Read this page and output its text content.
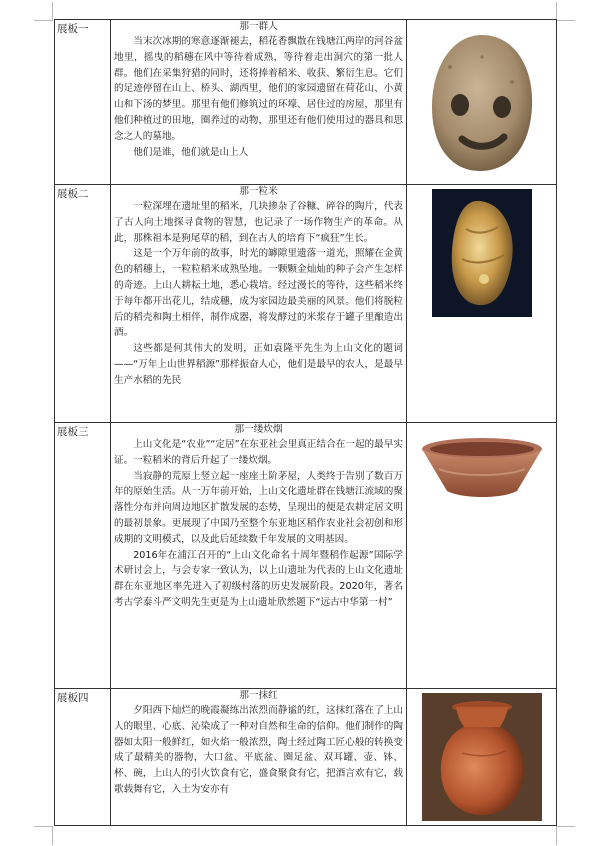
展板一	那一群人

当末次冰期的寒意逐渐褪去，稻花香飘散在钱塘江两岸的河谷盆地里，摇曳的稻穗在风中等待着成熟，等待着走出洞穴的第一批人群。他们在采集狩猎的同时，还将捧着稻米、收获、繁衍生息。它们的足迹停留在山上、桥头、湖西里，他们的家园遗留在荷花山、小黄山和下汤的梦里。那里有他们修筑过的环壕、居住过的房屋，那里有他们种植过的田地，圈养过的动物，那里还有他们使用过的器具和思念之人的墓地。

他们是谁，他们就是山上人

展板二	那一粒米

一粒深埋在遗址里的稻米，几块掺杂了谷糠、碎谷的陶片，代表了古人向土地探寻食物的智慧，也记录了一场作物生产的革命。从此，那株祖本是狗尾草的稻，到在古人的培育下“疯狂”生长。

这是一个万年前的故事，时光的罅隙里遗落一道光，照耀在金黄色的稻穗上，一粒粒稻米成熟坠地。一颗颗金灿灿的种子会产生怎样的奇迹。上山人耕耘土地，悉心栽培。经过漫长的等待，这些稻米终于每年都开出花儿，结成穗，成为家园边最美丽的风景。他们将脱粒后的稻壳和陶土相伴，制作成器，将发酵过的米浆存于罐子里酿造出酒。

这些都是何其伟大的发明，正如袁隆平先生为上山文化的题词——“万年上山世界稻源”那样振奋人心，他们是最早的农人，是最早生产水稻的先民

展板三	那一缕炊烟

上山文化是“农业”“定居”在东亚社会里真正结合在一起的最早实证。一粒稻米的背后升起了一缕炊烟。

当寂静的荒原上竖立起一座座土阶茅屋，人类终于告别了数百万年的原始生活。从一万年前开始，上山文化遗址群在钱塘江流域的聚落性分布并向周边地区扩散发展的态势，呈现出的便是农耕定居文明的最初景象。更展现了中国乃至整个东亚地区稻作农业社会初创和形成期的文明模式，以及此后延续数千年发展的文明基因。

2016年在浦江召开的“上山文化命名十周年暨稻作起源”国际学术研讨会上，与会专家一致认为，以上山遗址为代表的上山文化遗址群在东亚地区率先进入了初级村落的历史发展阶段。2020年，著名考古学泰斗严文明先生更是为上山遗址欣然题下“远古中华第一村”

展板四	那一抹红

夕阳西下灿烂的晚霞凝练出浓烈而静谧的红，这抹红落在了上山人的眼里、心底、沁染成了一种对自然和生命的信仰。他们制作的陶器如太阳一般鲜红，如火焰一般浓烈，陶土经过陶工匠心般的转换变成了最精美的器物，大口盆、平底盆、圈足盆、双耳罐、壶、钵、杯、碗，上山人的引火饮食有它，盛食聚食有它，把酒言欢有它，载歌载舞有它，入土为安亦有
